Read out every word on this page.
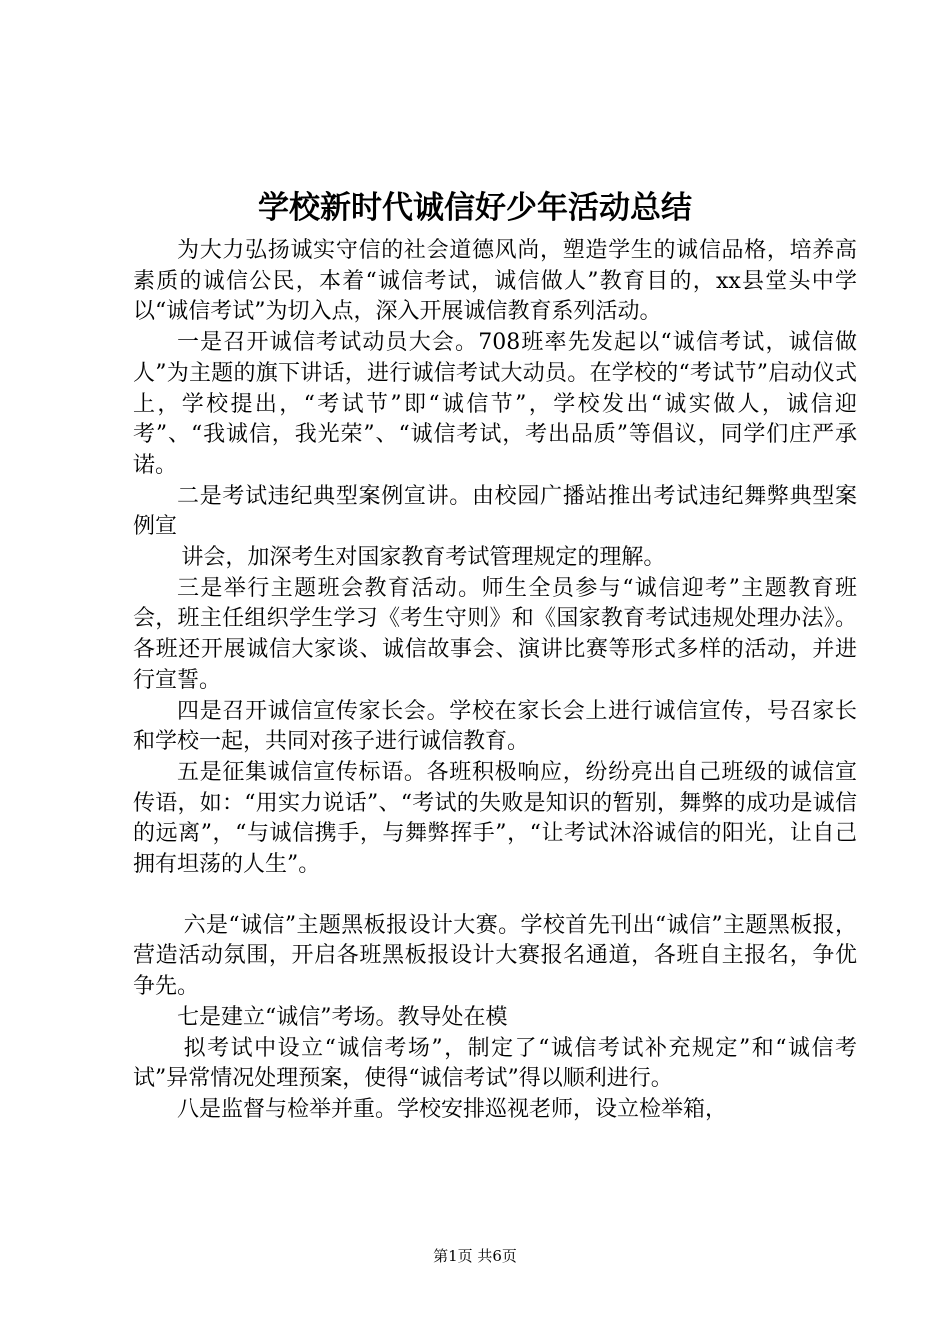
学校新时代诚信好少年活动总结

为大力弘扬诚实守信的社会道德风尚，塑造学生的诚信品格，培养高素质的诚信公民，本着“诚信考试，诚信做人”教育目的，xx县堂头中学以“诚信考试”为切入点，深入开展诚信教育系列活动。

一是召开诚信考试动员大会。708班率先发起以“诚信考试，诚信做人”为主题的旗下讲话，进行诚信考试大动员。在学校的“考试节”启动仪式上，学校提出，“考试节”即“诚信节”，学校发出“诚实做人，诚信迎考”、“我诚信，我光荣”、“诚信考试，考出品质”等倡议，同学们庄严承诺。

二是考试违纪典型案例宣讲。由校园广播站推出考试违纪舞弊典型案例宣

讲会，加深考生对国家教育考试管理规定的理解。

三是举行主题班会教育活动。师生全员参与“诚信迎考”主题教育班会，班主任组织学生学习《考生守则》和《国家教育考试违规处理办法》。各班还开展诚信大家谈、诚信故事会、演讲比赛等形式多样的活动，并进行宣誓。

四是召开诚信宣传家长会。学校在家长会上进行诚信宣传，号召家长和学校一起，共同对孩子进行诚信教育。

五是征集诚信宣传标语。各班积极响应，纷纷亮出自己班级的诚信宣传语，如：“用实力说话”、“考试的失败是知识的暂别，舞弊的成功是诚信的远离”，“与诚信携手，与舞弊挥手”，“让考试沐浴诚信的阳光，让自己拥有坦荡的人生”。

六是“诚信”主题黑板报设计大赛。学校首先刊出“诚信”主题黑板报，营造活动氛围，开启各班黑板报设计大赛报名通道，各班自主报名，争优争先。

七是建立“诚信”考场。教导处在模

拟考试中设立“诚信考场”，制定了“诚信考试补充规定”和“诚信考试”异常情况处理预案，使得“诚信考试”得以顺利进行。

八是监督与检举并重。学校安排巡视老师，设立检举箱，

第1页 共6页
